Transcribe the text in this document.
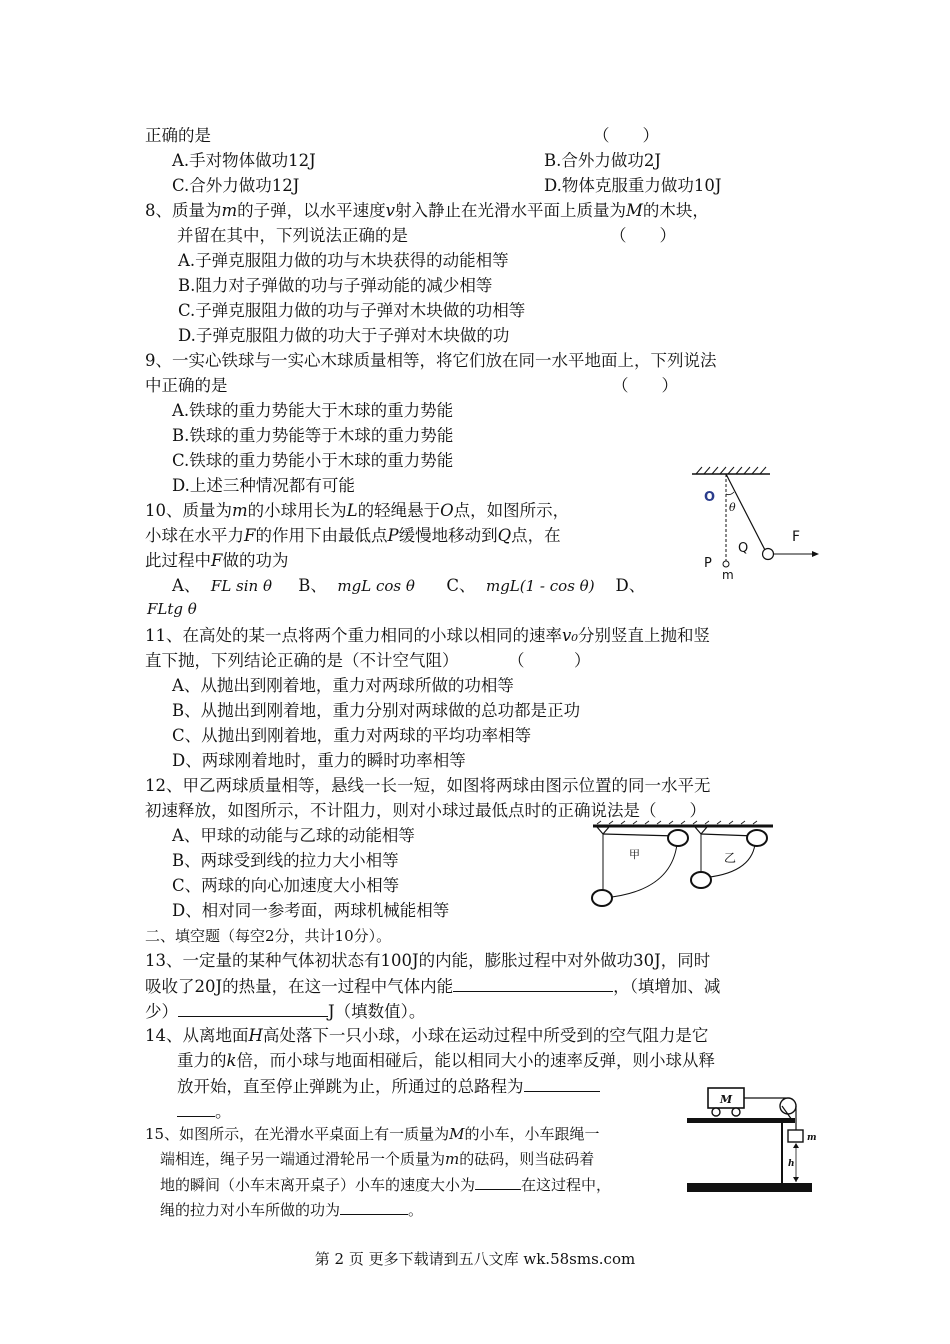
正确的是	（　　）
A.手对物体做功12J	B.合外力做功2J
C.合外力做功12J	D.物体克服重力做功10J
8、质量为m的子弹，以水平速度v射入静止在光滑水平面上质量为M的木块，
并留在其中，下列说法正确的是	（　　）
A.子弹克服阻力做的功与木块获得的动能相等
B.阻力对子弹做的功与子弹动能的减少相等
C.子弹克服阻力做的功与子弹对木块做的功相等
D.子弹克服阻力做的功大于子弹对木块做的功
9、一实心铁球与一实心木球质量相等，将它们放在同一水平地面上，下列说法
中正确的是	（　　）
A.铁球的重力势能大于木球的重力势能
B.铁球的重力势能等于木球的重力势能
C.铁球的重力势能小于木球的重力势能
D.上述三种情况都有可能
10、质量为m的小球用长为L的轻绳悬于O点，如图所示，
小球在水平力F的作用下由最低点P缓慢地移动到Q点，在
此过程中F做的功为
A、 FL sin θ B、 mgL cos θ C、 mgL(1 - cos θ) D、
FLtg θ
O
θ
F
P
Q
m
11、在高处的某一点将两个重力相同的小球以相同的速率v₀分别竖直上抛和竖
直下抛，下列结论正确的是（不计空气阻）	（　　　）
A、从抛出到刚着地，重力对两球所做的功相等
B、从抛出到刚着地，重力分别对两球做的总功都是正功
C、从抛出到刚着地，重力对两球的平均功率相等
D、两球刚着地时，重力的瞬时功率相等
12、甲乙两球质量相等，悬线一长一短，如图将两球由图示位置的同一水平无
初速释放，如图所示，不计阻力，则对小球过最低点时的正确说法是（　　）
A、甲球的动能与乙球的动能相等
B、两球受到线的拉力大小相等
C、两球的向心加速度大小相等
D、相对同一参考面，两球机械能相等
甲	乙
二、填空题（每空2分，共计10分）。
13、一定量的某种气体初状态有100J的内能，膨胀过程中对外做功30J，同时
吸收了20J的热量，在这一过程中气体内能	，（填增加、减
少）	J（填数值）。
14、从离地面H高处落下一只小球，小球在运动过程中所受到的空气阻力是它
重力的k倍，而小球与地面相碰后，能以相同大小的速率反弹，则小球从释
放开始，直至停止弹跳为止，所通过的总路程为
。
15、如图所示，在光滑水平桌面上有一质量为M的小车，小车跟绳一
端相连，绳子另一端通过滑轮吊一个质量为m的砝码，则当砝码着
地的瞬间（小车末离开桌子）小车的速度大小为	在这过程中，
绳的拉力对小车所做的功为	。
M
m
h
第 2 页 更多下载请到五八文库 wk.58sms.com
